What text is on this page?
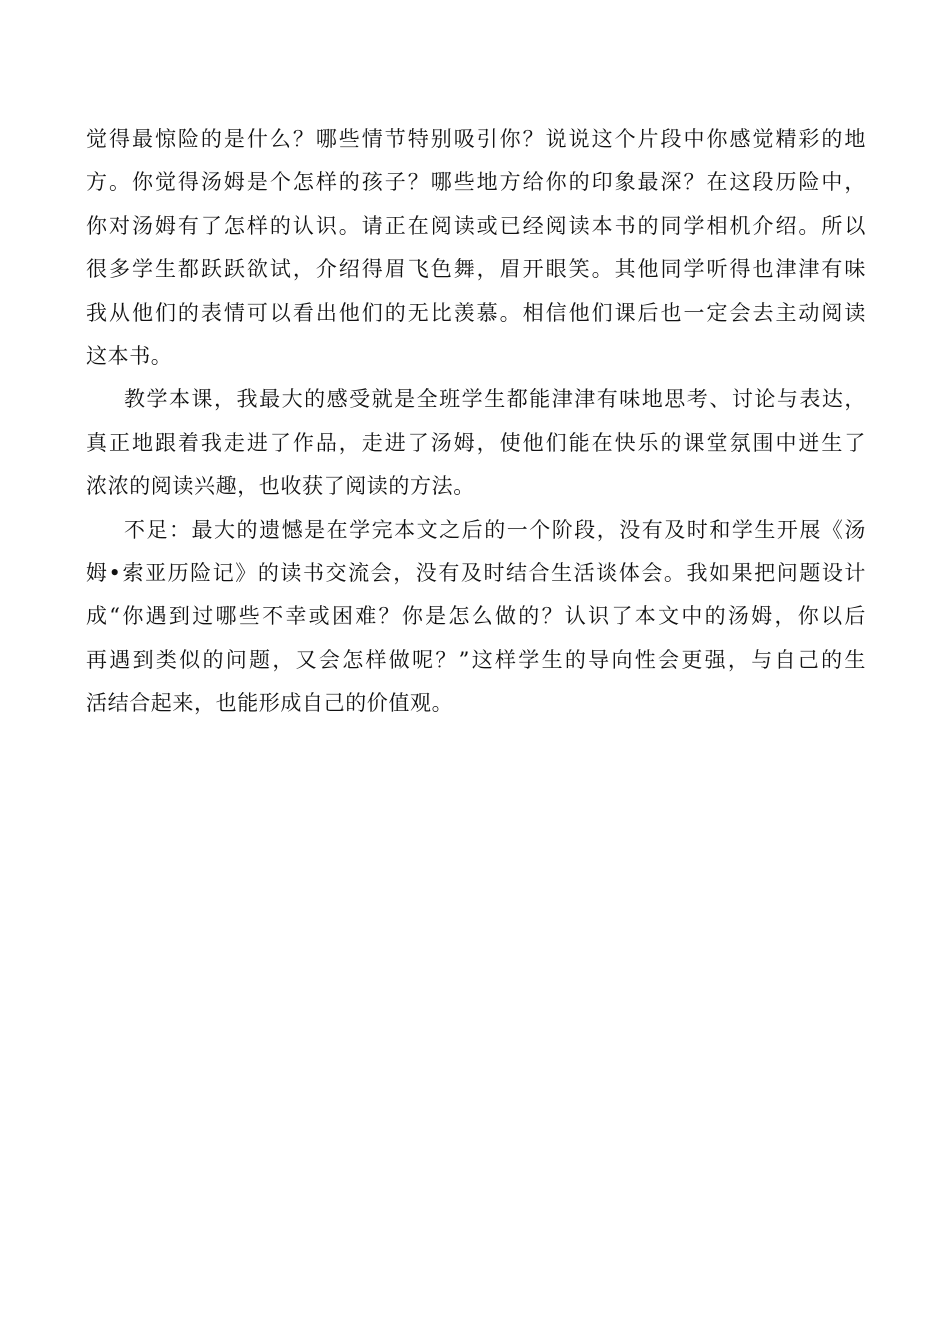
觉得最惊险的是什么？哪些情节特别吸引你？说说这个片段中你感觉精彩的地
方。你觉得汤姆是个怎样的孩子？哪些地方给你的印象最深？在这段历险中，
你对汤姆有了怎样的认识。请正在阅读或已经阅读本书的同学相机介绍。所以
很多学生都跃跃欲试，介绍得眉飞色舞，眉开眼笑。其他同学听得也津津有味
我从他们的表情可以看出他们的无比羡慕。相信他们课后也一定会去主动阅读
这本书。
教学本课，我最大的感受就是全班学生都能津津有味地思考、讨论与表达，
真正地跟着我走进了作品，走进了汤姆，使他们能在快乐的课堂氛围中迸生了
浓浓的阅读兴趣，也收获了阅读的方法。
不足：最大的遗憾是在学完本文之后的一个阶段，没有及时和学生开展《汤
姆•索亚历险记》的读书交流会，没有及时结合生活谈体会。我如果把问题设计
成“你遇到过哪些不幸或困难？你是怎么做的？认识了本文中的汤姆，你以后
再遇到类似的问题，又会怎样做呢？”这样学生的导向性会更强，与自己的生
活结合起来，也能形成自己的价值观。
